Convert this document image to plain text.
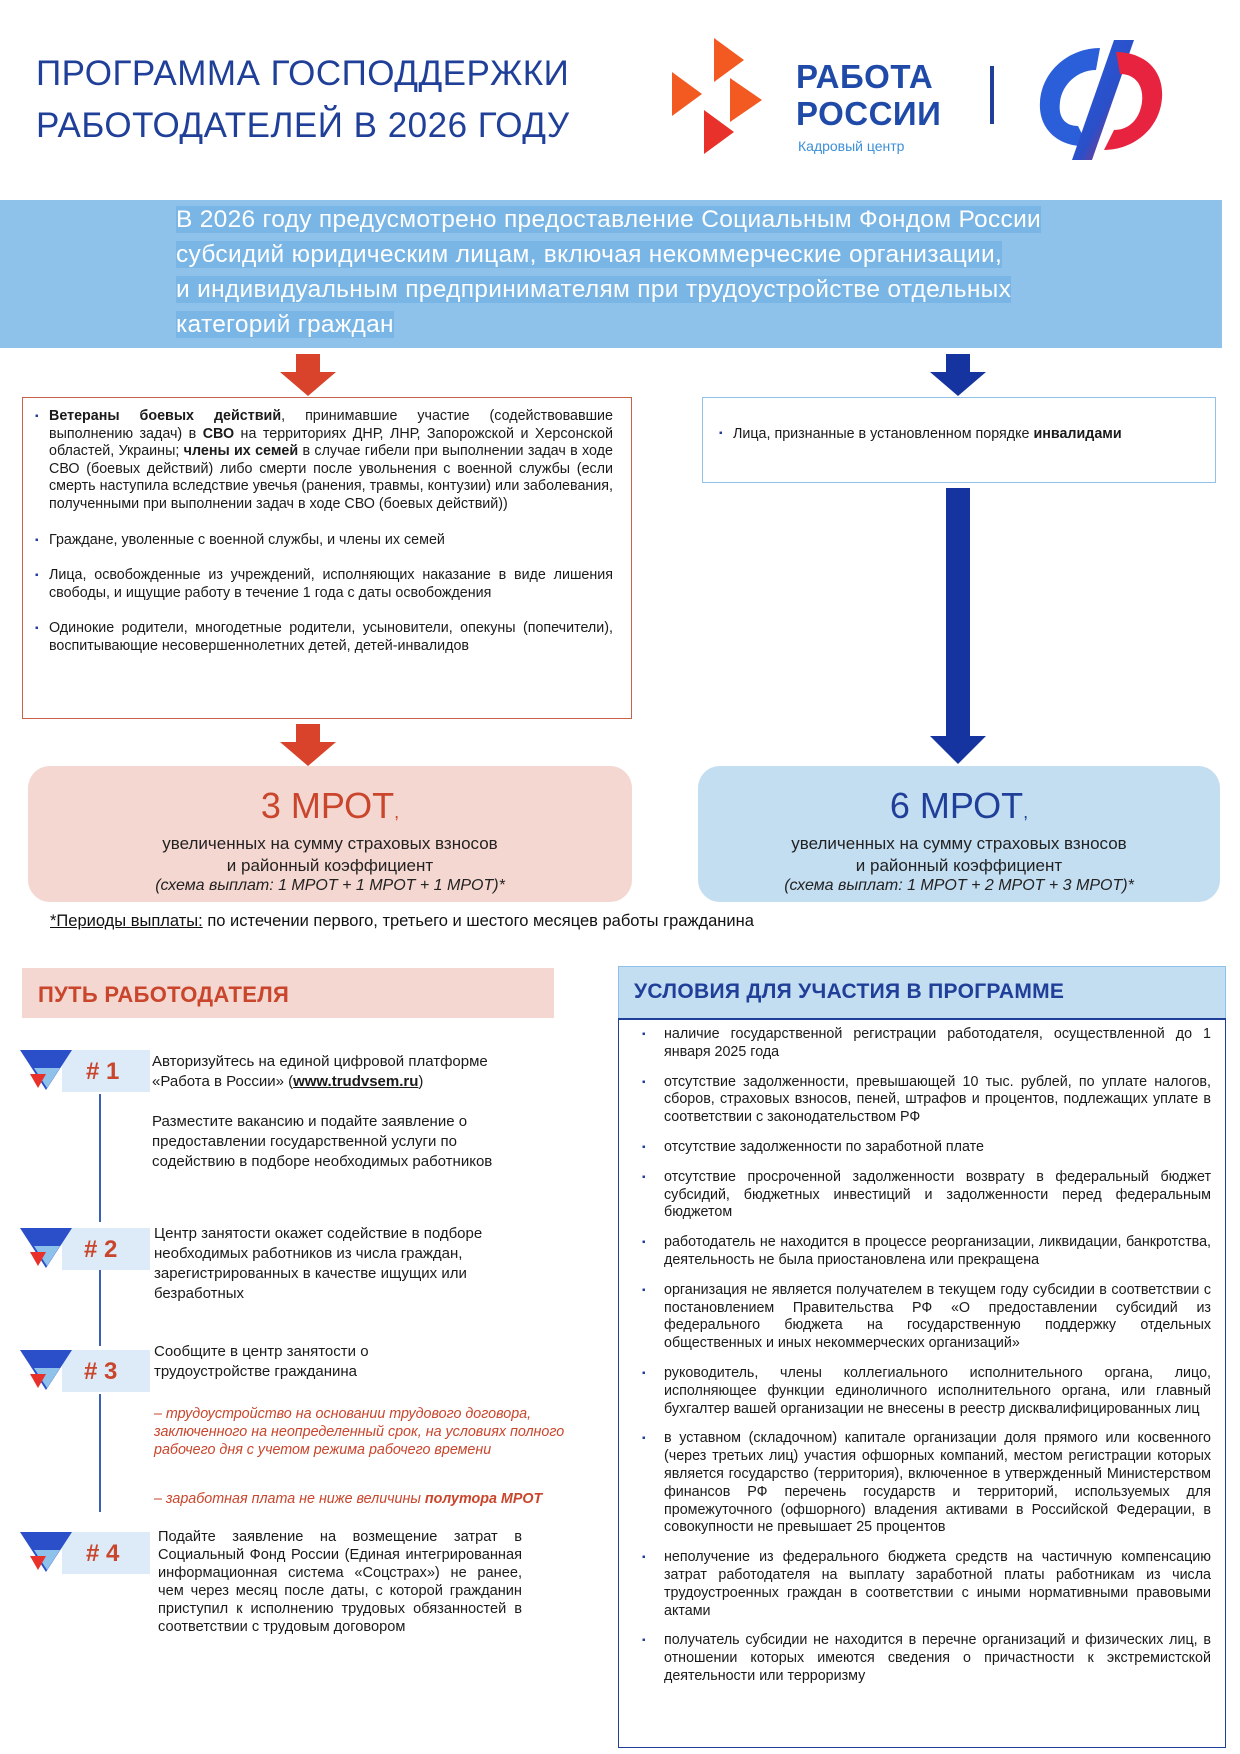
ПРОГРАММА ГОСПОДДЕРЖКИ
РАБОТОДАТЕЛЕЙ В 2026 ГОДУ
РАБОТА
РОССИИ
Кадровый центр
В 2026 году предусмотрено предоставление Социальным Фондом России
субсидий юридическим лицам, включая некоммерческие организации,
и индивидуальным предпринимателям при трудоустройстве отдельных
категорий граждан
▪ Ветераны боевых действий, принимавшие участие (содействовавшие выполнению задач) в СВО на территориях ДНР, ЛНР, Запорожской и Херсонской областей, Украины; члены их семей в случае гибели при выполнении задач в ходе СВО (боевых действий) либо смерти после увольнения с военной службы (если смерть наступила вследствие увечья (ранения, травмы, контузии) или заболевания, полученными при выполнении задач в ходе СВО (боевых действий))
▪ Граждане, уволенные с военной службы, и члены их семей
▪ Лица, освобожденные из учреждений, исполняющих наказание в виде лишения свободы, и ищущие работу в течение 1 года с даты освобождения
▪ Одинокие родители, многодетные родители, усыновители, опекуны (попечители), воспитывающие несовершеннолетних детей, детей-инвалидов
▪ Лица, признанные в установленном порядке инвалидами
3 МРОТ,
увеличенных на сумму страховых взносов
и районный коэффициент
(схема выплат: 1 МРОТ + 1 МРОТ + 1 МРОТ)*
6 МРОТ,
увеличенных на сумму страховых взносов
и районный коэффициент
(схема выплат: 1 МРОТ + 2 МРОТ + 3 МРОТ)*
*Периоды выплаты: по истечении первого, третьего и шестого месяцев работы гражданина
ПУТЬ РАБОТОДАТЕЛЯ
# 1 Авторизуйтесь на единой цифровой платформе «Работа в России» (www.trudvsem.ru)
Разместите вакансию и подайте заявление о предоставлении государственной услуги по содействию в подборе необходимых работников
# 2
Центр занятости окажет содействие в подборе необходимых работников из числа граждан, зарегистрированных в качестве ищущих или безработных
# 3
Сообщите в центр занятости о трудоустройстве гражданина
– трудоустройство на основании трудового договора, заключенного на неопределенный срок, на условиях полного рабочего дня с учетом режима рабочего времени
– заработная плата не ниже величины полутора МРОТ
# 4
Подайте заявление на возмещение затрат в Социальный Фонд России (Единая интегрированная информационная система «Соцстрах») не ранее, чем через месяц после даты, с которой гражданин приступил к исполнению трудовых обязанностей в соответствии с трудовым договором
УСЛОВИЯ ДЛЯ УЧАСТИЯ В ПРОГРАММЕ
▪ наличие государственной регистрации работодателя, осуществленной до 1 января 2025 года
▪ отсутствие задолженности, превышающей 10 тыс. рублей, по уплате налогов, сборов, страховых взносов, пеней, штрафов и процентов, подлежащих уплате в соответствии с законодательством РФ
▪ отсутствие задолженности по заработной плате
▪ отсутствие просроченной задолженности возврату в федеральный бюджет субсидий, бюджетных инвестиций и задолженности перед федеральным бюджетом
▪ работодатель не находится в процессе реорганизации, ликвидации, банкротства, деятельность не была приостановлена или прекращена
▪ организация не является получателем в текущем году субсидии в соответствии с постановлением Правительства РФ «О предоставлении субсидий из федерального бюджета на государственную поддержку отдельных общественных и иных некоммерческих организаций»
▪ руководитель, члены коллегиального исполнительного органа, лицо, исполняющее функции единоличного исполнительного органа, или главный бухгалтер вашей организации не внесены в реестр дисквалифицированных лиц
▪ в уставном (складочном) капитале организации доля прямого или косвенного (через третьих лиц) участия офшорных компаний, местом регистрации которых является государство (территория), включенное в утвержденный Министерством финансов РФ перечень государств и территорий, используемых для промежуточного (офшорного) владения активами в Российской Федерации, в совокупности не превышает 25 процентов
▪ неполучение из федерального бюджета средств на частичную компенсацию затрат работодателя на выплату заработной платы работникам из числа трудоустроенных граждан в соответствии с иными нормативными правовыми актами
▪ получатель субсидии не находится в перечне организаций и физических лиц, в отношении которых имеются сведения о причастности к экстремистской деятельности или терроризму
